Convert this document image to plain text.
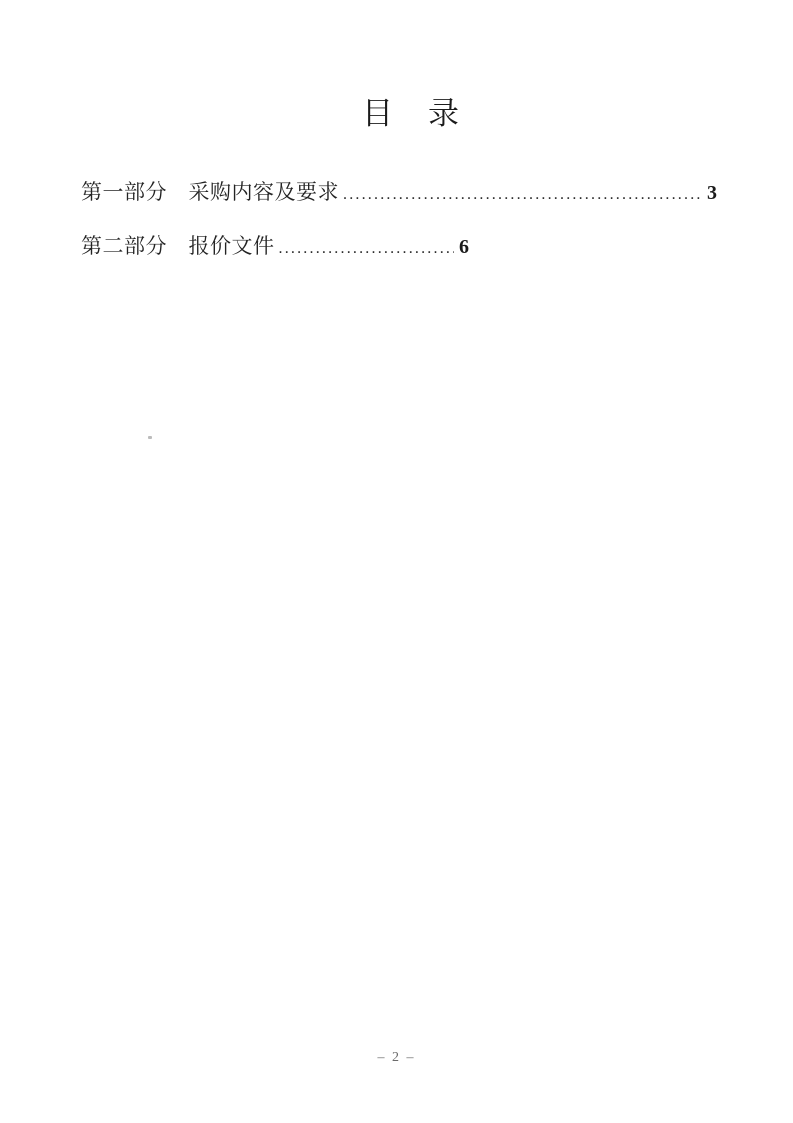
目　录
第一部分　采购内容及要求 .....	3
第二部分　报价文件 .....	6
– 2 –
